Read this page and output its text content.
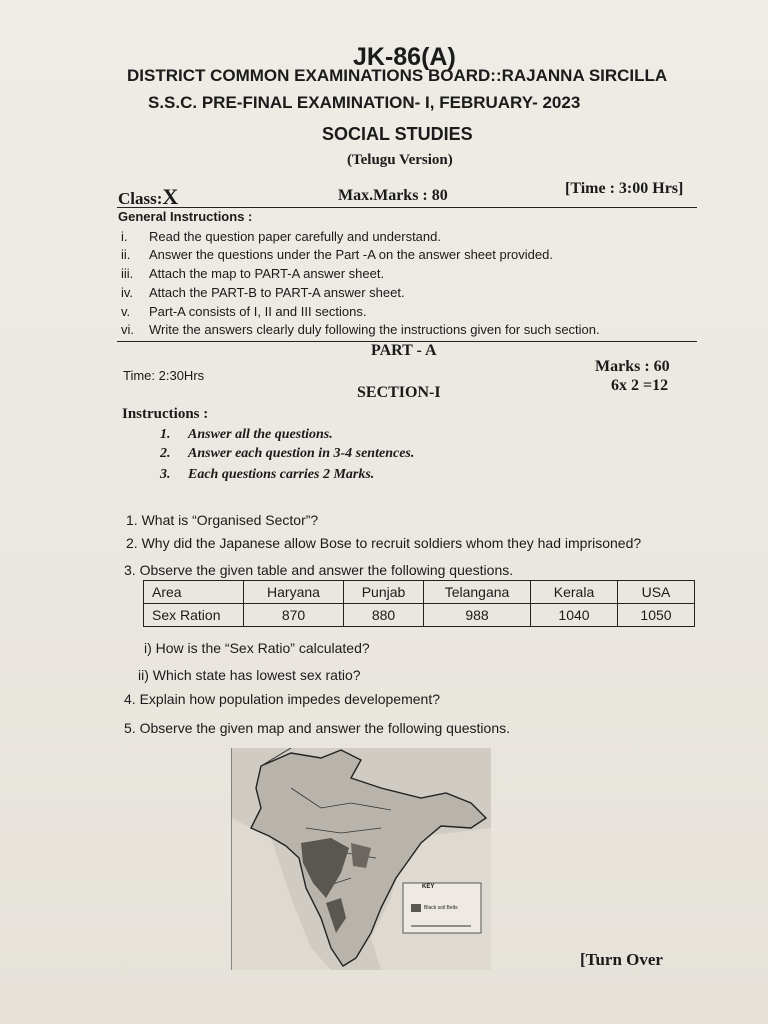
JK-86(A)
DISTRICT COMMON EXAMINATIONS BOARD::RAJANNA SIRCILLA
S.S.C. PRE-FINAL EXAMINATION- I, FEBRUARY- 2023
SOCIAL STUDIES
(Telugu Version)
Class:X	Max.Marks : 80	[Time : 3:00 Hrs]
General Instructions :
i. Read the question paper carefully and understand.
ii. Answer the questions under the Part -A on the answer sheet provided.
iii. Attach the map to PART-A answer sheet.
iv. Attach the PART-B to PART-A answer sheet.
v. Part-A consists of I, II and III sections.
vi. Write the answers clearly duly following the instructions given for such section.
PART - A
Time: 2:30Hrs
Marks : 60
SECTION-I	6x 2 =12
Instructions :
1. Answer all the questions.
2. Answer each question in 3-4 sentences.
3. Each questions carries 2 Marks.
1. What is “Organised Sector”?
2. Why did the Japanese allow Bose to recruit soldiers whom they had imprisoned?
3. Observe the given table and answer the following questions.
Area	Haryana	Punjab	Telangana	Kerala	USA
Sex Ration	870	880	988	1040	1050
i) How is the “Sex Ratio” calculated?
ii) Which state has lowest sex ratio?
4. Explain how population impedes developement?
5. Observe the given map and answer the following questions.
KEY
Black soil Belts
[Turn Over
